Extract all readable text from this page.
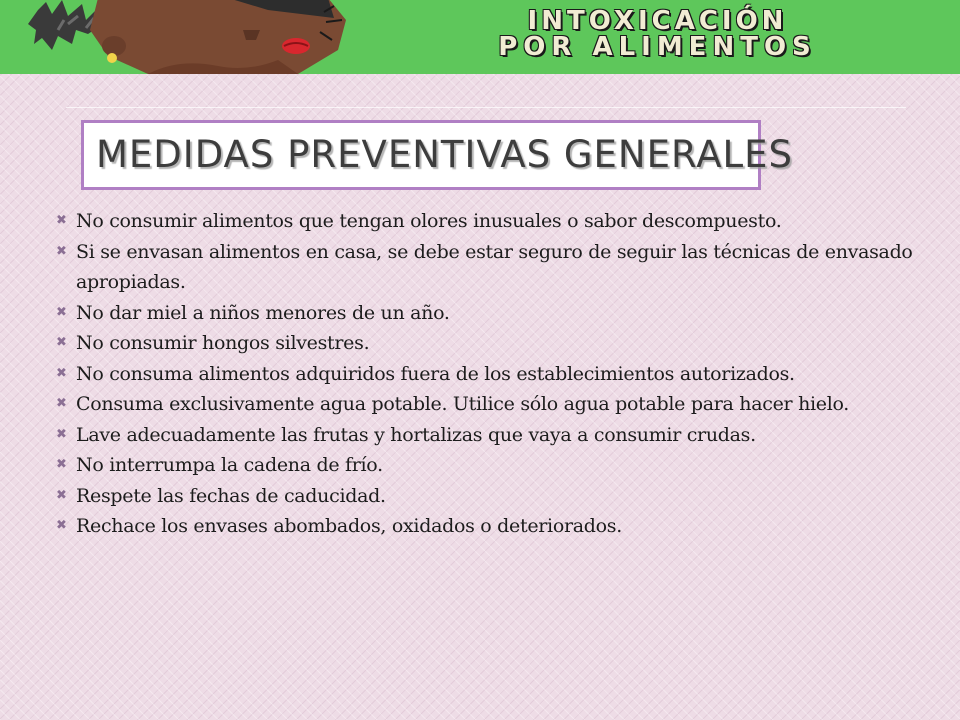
INTOXICACIÓN
POR ALIMENTOS
MEDIDAS PREVENTIVAS GENERALES
✖ No consumir alimentos que tengan olores inusuales o sabor descompuesto.
✖ Si se envasan alimentos en casa, se debe estar seguro de seguir las técnicas de envasado apropiadas.
✖ No dar miel a niños menores de un año.
✖ No consumir hongos silvestres.
✖ No consuma alimentos adquiridos fuera de los establecimientos autorizados.
✖ Consuma exclusivamente agua potable. Utilice sólo agua potable para hacer hielo.
✖ Lave adecuadamente las frutas y hortalizas que vaya a consumir crudas.
✖ No interrumpa la cadena de frío.
✖ Respete las fechas de caducidad.
✖ Rechace los envases abombados, oxidados o deteriorados.
